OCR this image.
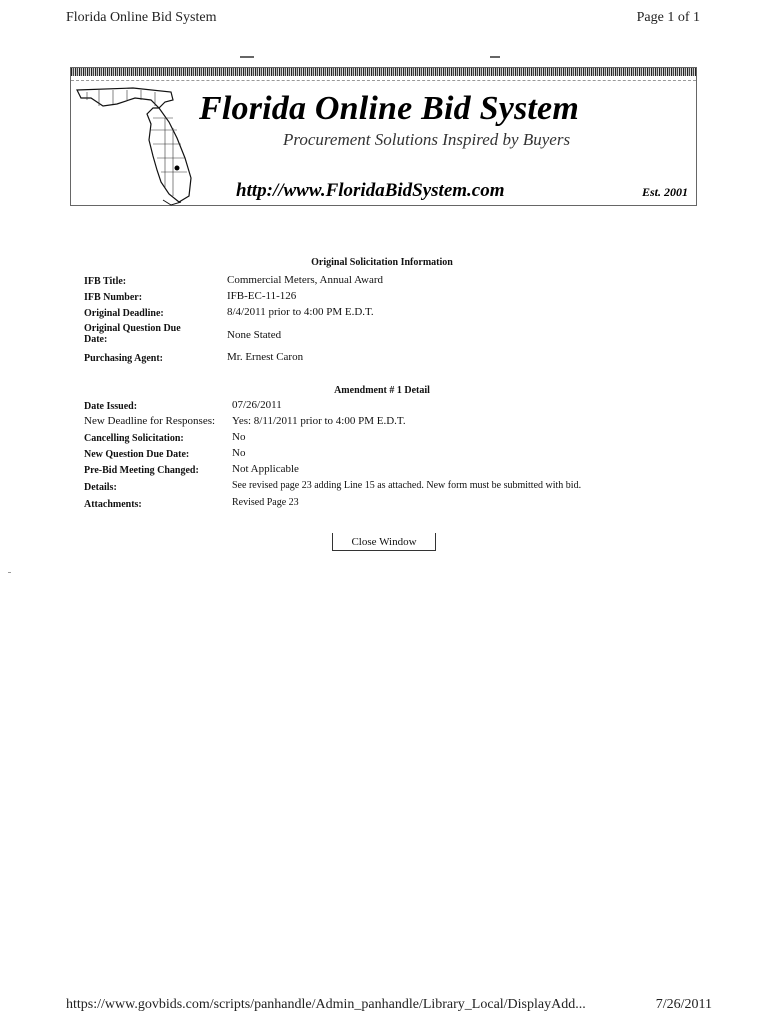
Florida Online Bid System	Page 1 of 1
Florida Online Bid System
Procurement Solutions Inspired by Buyers
http://www.FloridaBidSystem.com	Est. 2001
Original Solicitation Information
IFB Title:	Commercial Meters, Annual Award
IFB Number:	IFB-EC-11-126
Original Deadline:	8/4/2011 prior to 4:00 PM E.D.T.
Original Question Due Date:	None Stated
Purchasing Agent:	Mr. Ernest Caron
Amendment # 1 Detail
Date Issued:	07/26/2011
New Deadline for Responses:	Yes: 8/11/2011 prior to 4:00 PM E.D.T.
Cancelling Solicitation:	No
New Question Due Date:	No
Pre-Bid Meeting Changed:	Not Applicable
Details:	See revised page 23 adding Line 15 as attached. New form must be submitted with bid.
Attachments:	Revised Page 23
Close Window
https://www.govbids.com/scripts/panhandle/Admin_panhandle/Library_Local/DisplayAdd...	7/26/2011
